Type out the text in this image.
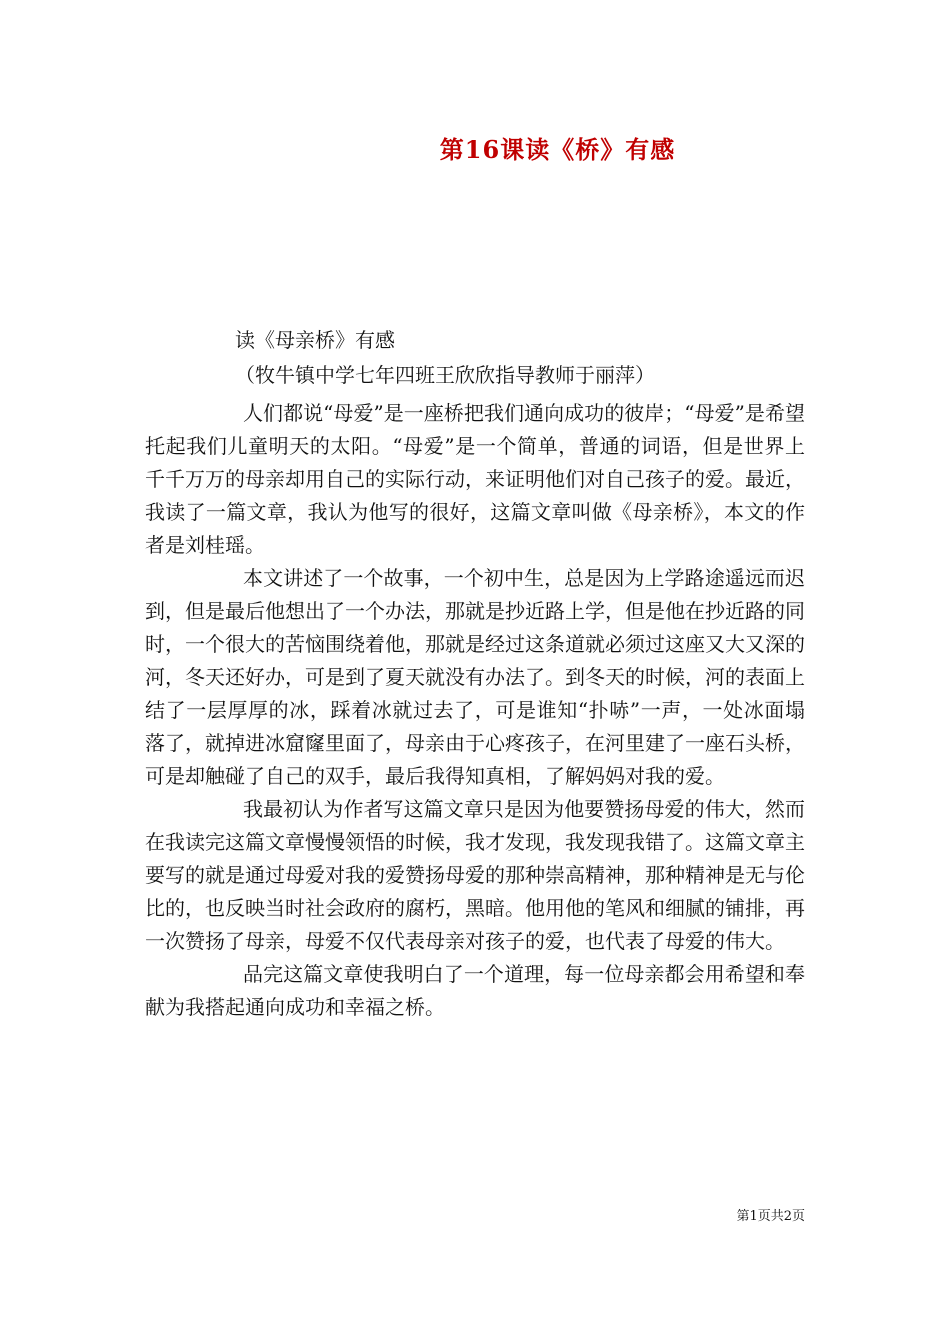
第16课读《桥》有感
读《母亲桥》有感
（牧牛镇中学七年四班王欣欣指导教师于丽萍）

人们都说“母爱”是一座桥把我们通向成功的彼岸；“母爱”是希望托起我们儿童明天的太阳。“母爱”是一个简单，普通的词语，但是世界上千千万万的母亲却用自己的实际行动，来证明他们对自己孩子的爱。最近，我读了一篇文章，我认为他写的很好，这篇文章叫做《母亲桥》，本文的作者是刘桂瑶。

本文讲述了一个故事，一个初中生，总是因为上学路途遥远而迟到，但是最后他想出了一个办法，那就是抄近路上学，但是他在抄近路的同时，一个很大的苦恼围绕着他，那就是经过这条道就必须过这座又大又深的河，冬天还好办，可是到了夏天就没有办法了。到冬天的时候，河的表面上结了一层厚厚的冰，踩着冰就过去了，可是谁知“扑哧”一声，一处冰面塌落了，就掉进冰窟窿里面了，母亲由于心疼孩子，在河里建了一座石头桥，可是却触碰了自己的双手，最后我得知真相，了解妈妈对我的爱。

我最初认为作者写这篇文章只是因为他要赞扬母爱的伟大，然而在我读完这篇文章慢慢领悟的时候，我才发现，我发现我错了。这篇文章主要写的就是通过母爱对我的爱赞扬母爱的那种崇高精神，那种精神是无与伦比的，也反映当时社会政府的腐朽，黑暗。他用他的笔风和细腻的铺排，再一次赞扬了母亲，母爱不仅代表母亲对孩子的爱，也代表了母爱的伟大。

品完这篇文章使我明白了一个道理，每一位母亲都会用希望和奉献为我搭起通向成功和幸福之桥。

第1页共2页
